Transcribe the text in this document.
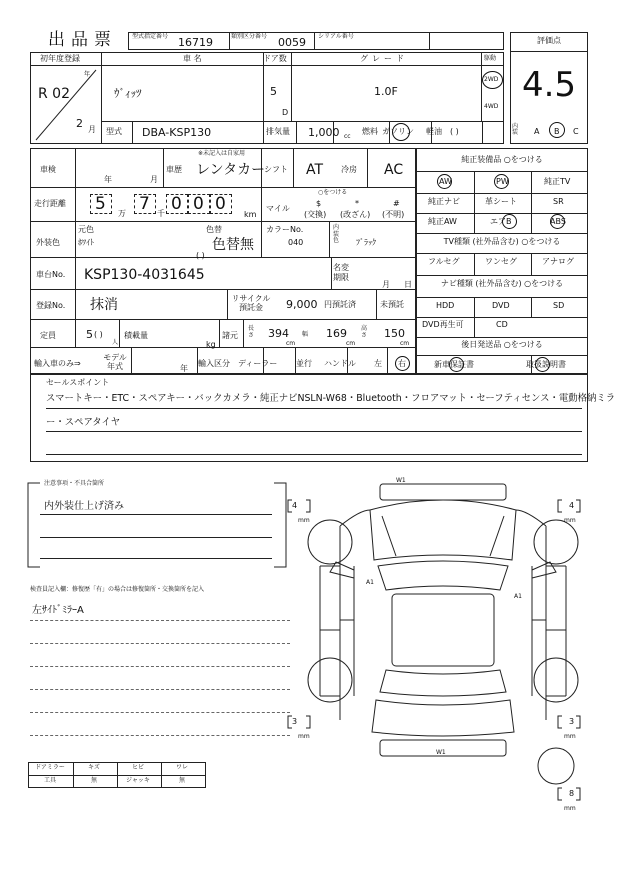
出品票	型式指定番号 16719	類別区分番号 0059 シリアル番号	評価点
4.5
初年度登録	車 名	ドア数	グレード	駆動
年
R 02
2 月
ｳﾞｨｯﾂ	5
D
1.0F
2WD
4WD
型式 DBA-KSP130	排気量 1,000 cc
燃料 ガソリン 軽油 ( )
内装 A B C
車検
年	月
車歴
※未記入は自家用
レンタカー
シフト AT 冷房 AC
走行距離 5 万 7 千 0 0 0
km
マイル
○をつける
$
(交換)
*
(改ざん)
#
(不明)
外装色
元色
ﾎﾜｲﾄ
色替
色替無
( )
カラーNo.
040
内装色 ﾌﾞﾗｯｸ
車台No. KSP130-4031645	名変期限
月 日
登録No. 抹消	リサイクル預託金	9,000 円預託済	未預託
定員	5 ( )
人
積載量
kg
諸元
長さ 394
cm
幅 169
cm
高さ 150
cm
輸入車のみ⇒
モデル年式	年
輸入区分 ディーラー 並行 ハンドル 左 右
純正装備品 ○をつける
AW	PW	純正TV
純正ナビ	革シート	SR
純正AW	エアB	ABS
TV種類 (社外品含む) ○をつける
フルセグ	ワンセグ	アナログ
ナビ種類 (社外品含む) ○をつける
HDD	DVD	SD
DVD再生可	CD
後日発送品 ○をつける
新車保証書	取扱説明書
セールスポイント
スマートキー・ETC・スペアキー・バックカメラ・純正ナビNSLN-W68・Bluetooth・フロアマット・セーフティセンス・電動格納ミラ
ー・スペアタイヤ
注意事項・不具合箇所
内外装仕上げ済み
検査員記入欄：修復歴「有」の場合は修復箇所・交換箇所を記入
左ｻｲﾄﾞﾐﾗｰA
ドアミラー	キズ	ヒビ	ワレ
工具	無	ジャッキ	無
W1
W1
A1
A1
4
mm
4
mm
3
mm
3
mm
8
mm
